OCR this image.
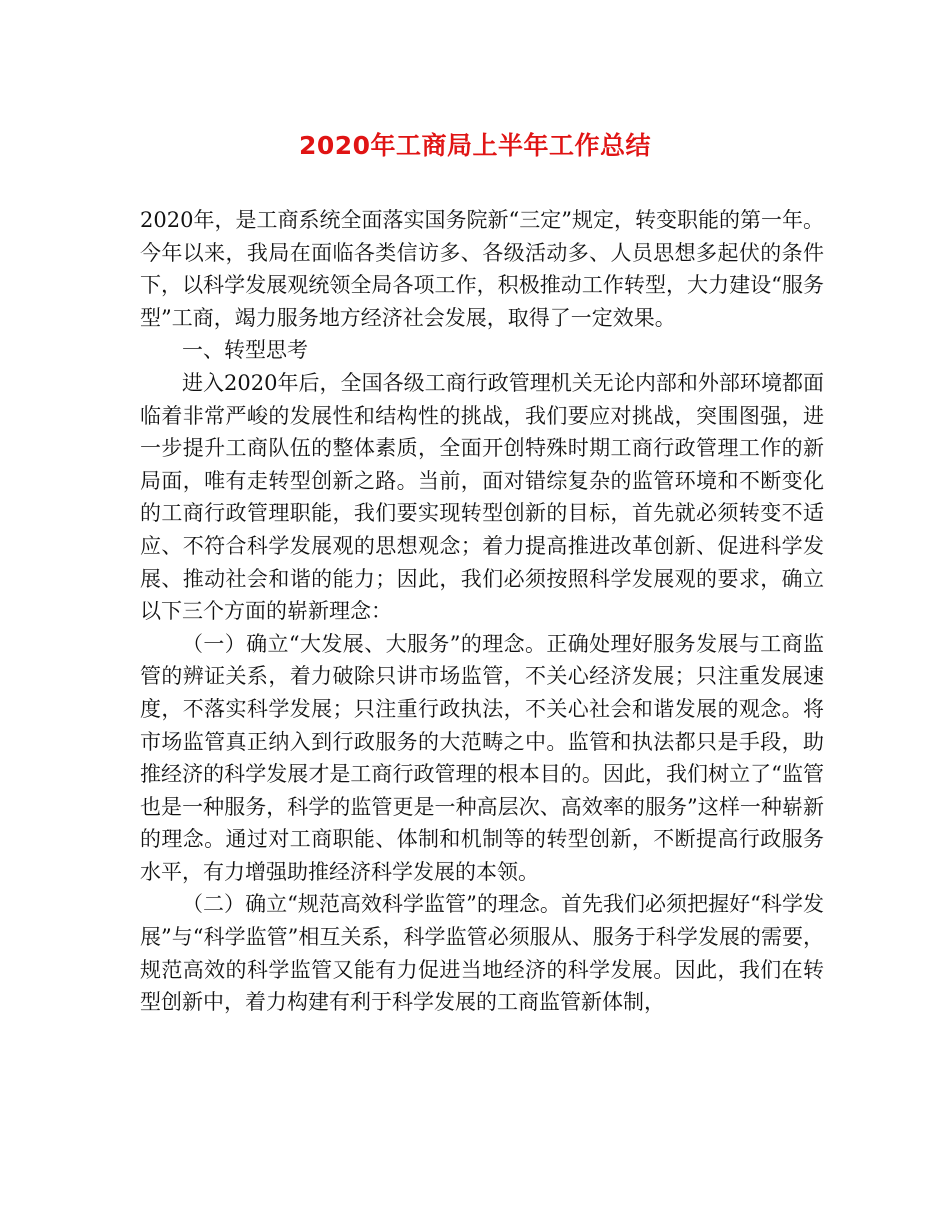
2020年工商局上半年工作总结

2020年，是工商系统全面落实国务院新“三定”规定，转变职能的第一年。今年以来，我局在面临各类信访多、各级活动多、人员思想多起伏的条件下，以科学发展观统领全局各项工作，积极推动工作转型，大力建设“服务型”工商，竭力服务地方经济社会发展，取得了一定效果。

一、转型思考

进入2020年后，全国各级工商行政管理机关无论内部和外部环境都面临着非常严峻的发展性和结构性的挑战，我们要应对挑战，突围图强，进一步提升工商队伍的整体素质，全面开创特殊时期工商行政管理工作的新局面，唯有走转型创新之路。当前，面对错综复杂的监管环境和不断变化的工商行政管理职能，我们要实现转型创新的目标，首先就必须转变不适应、不符合科学发展观的思想观念；着力提高推进改革创新、促进科学发展、推动社会和谐的能力；因此，我们必须按照科学发展观的要求，确立以下三个方面的崭新理念：

（一）确立“大发展、大服务”的理念。正确处理好服务发展与工商监管的辨证关系，着力破除只讲市场监管，不关心经济发展；只注重发展速度，不落实科学发展；只注重行政执法，不关心社会和谐发展的观念。将市场监管真正纳入到行政服务的大范畴之中。监管和执法都只是手段，助推经济的科学发展才是工商行政管理的根本目的。因此，我们树立了“监管也是一种服务，科学的监管更是一种高层次、高效率的服务”这样一种崭新的理念。通过对工商职能、体制和机制等的转型创新，不断提高行政服务水平，有力增强助推经济科学发展的本领。

（二）确立“规范高效科学监管”的理念。首先我们必须把握好“科学发展”与“科学监管”相互关系，科学监管必须服从、服务于科学发展的需要，规范高效的科学监管又能有力促进当地经济的科学发展。因此，我们在转型创新中，着力构建有利于科学发展的工商监管新体制，
